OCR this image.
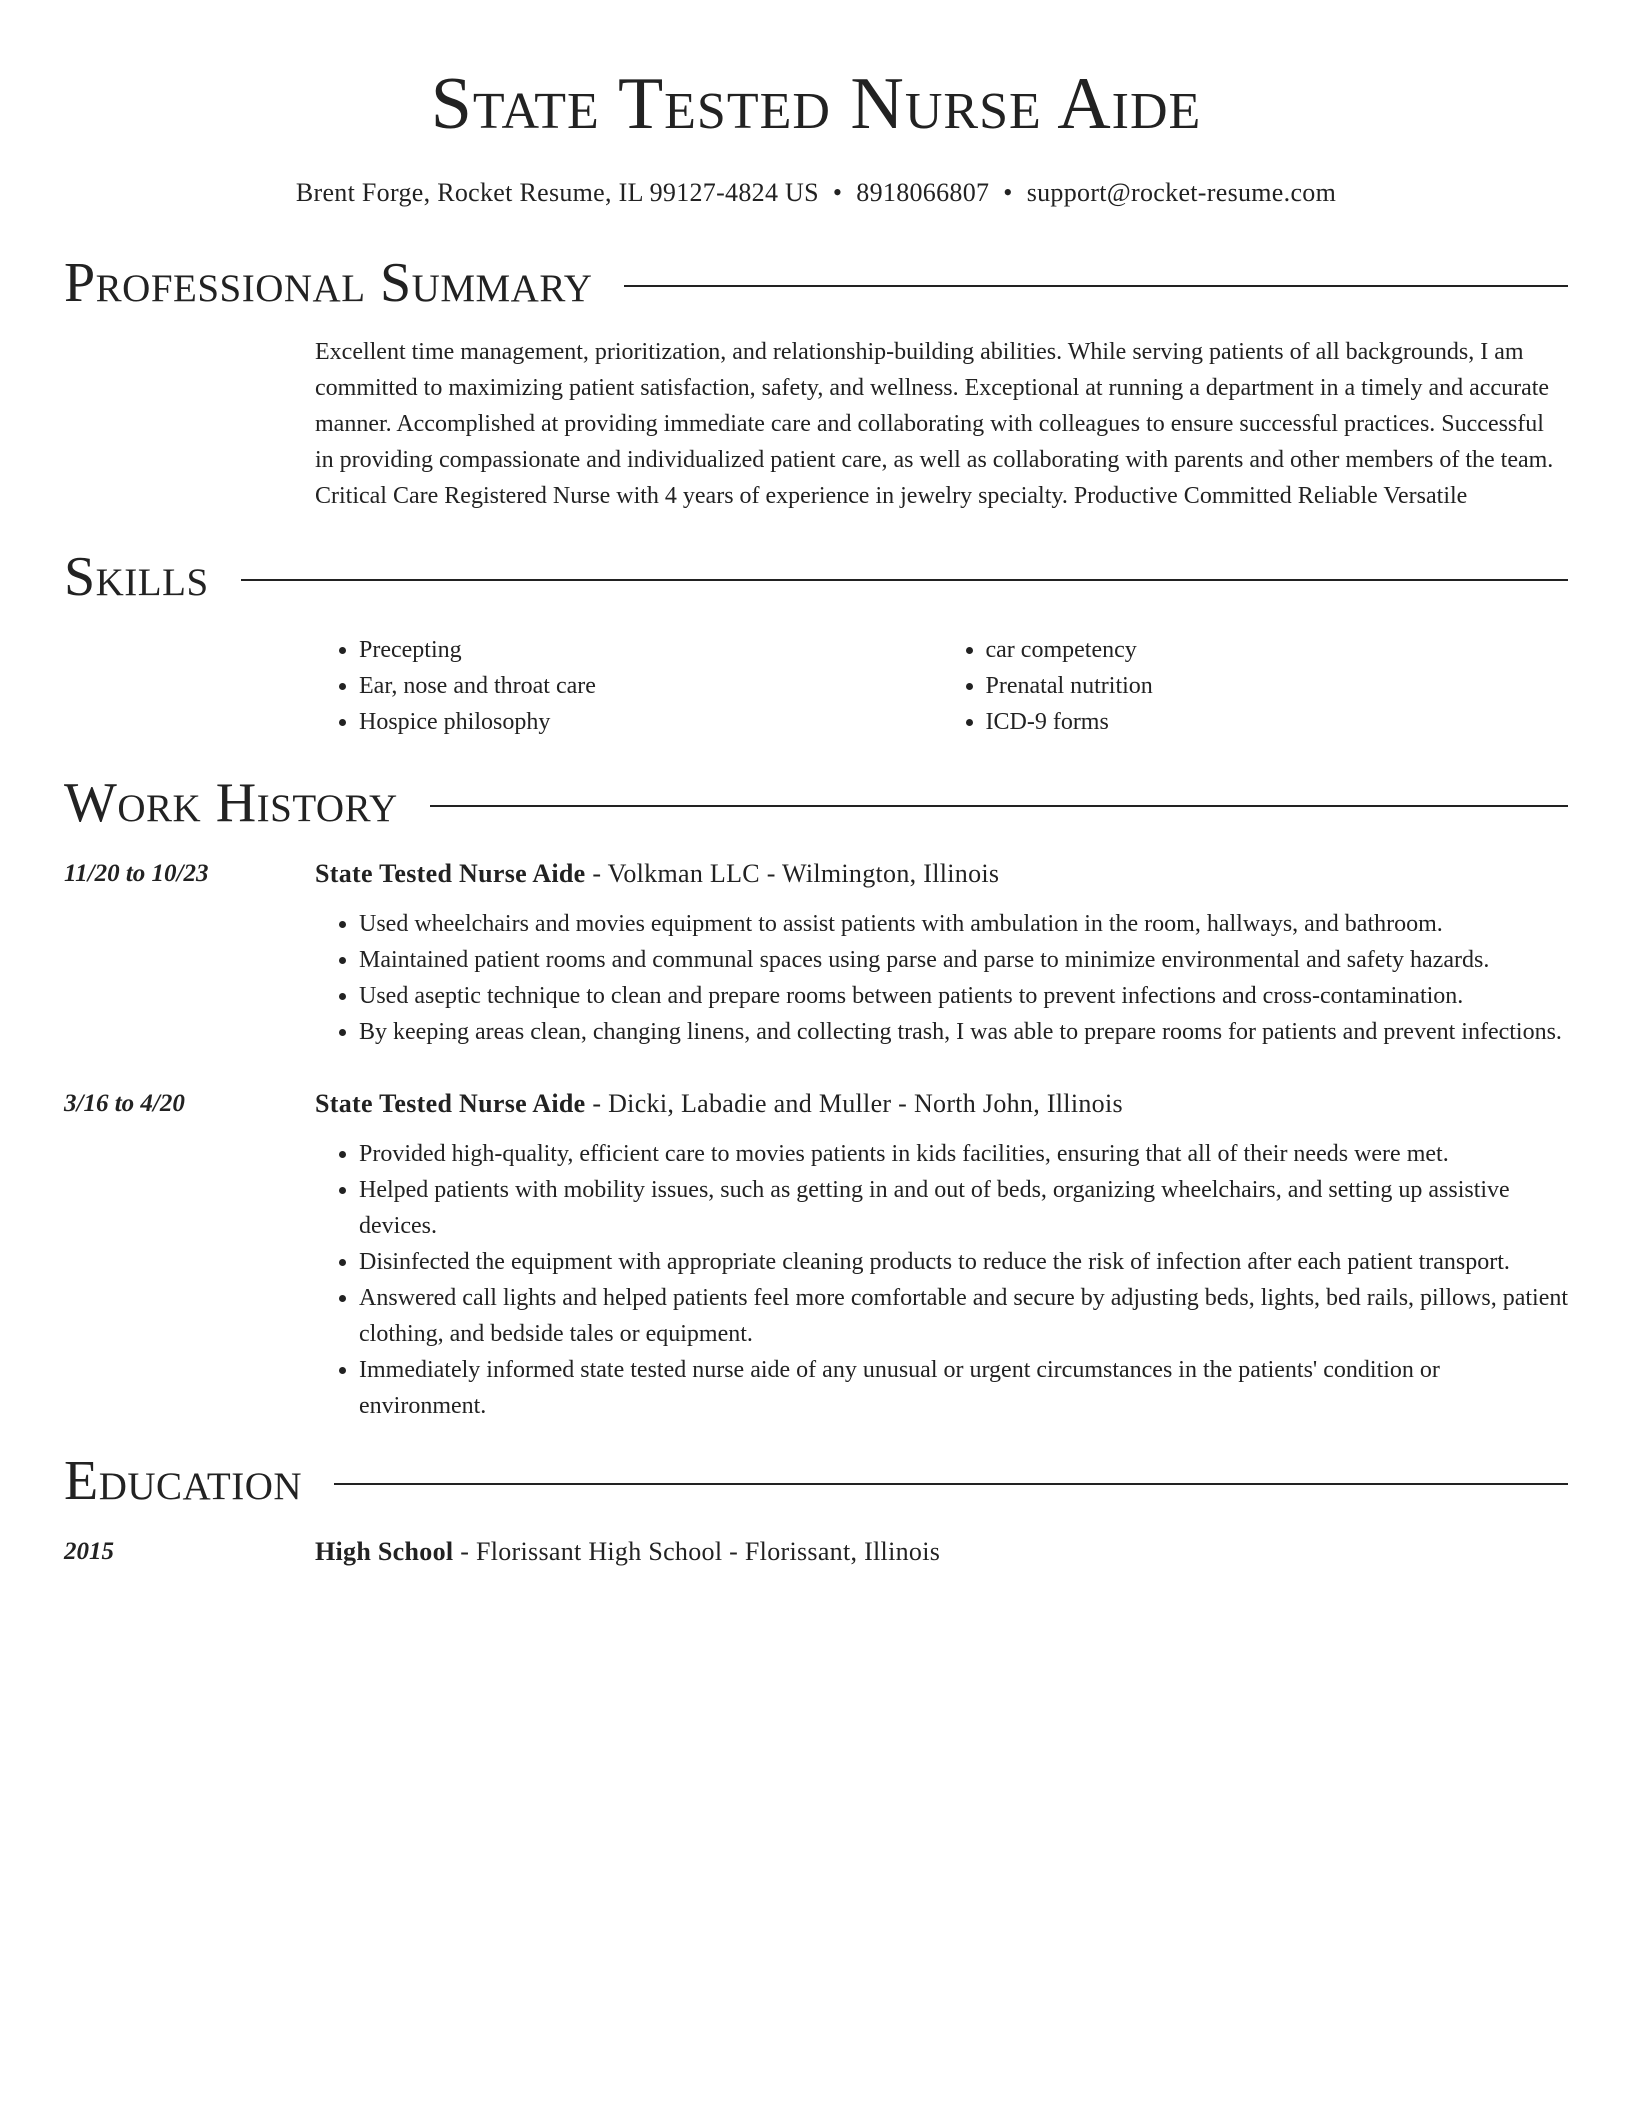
State Tested Nurse Aide
Brent Forge, Rocket Resume, IL 99127-4824 US • 8918066807 • support@rocket-resume.com
Professional Summary
Excellent time management, prioritization, and relationship-building abilities. While serving patients of all backgrounds, I am committed to maximizing patient satisfaction, safety, and wellness. Exceptional at running a department in a timely and accurate manner. Accomplished at providing immediate care and collaborating with colleagues to ensure successful practices. Successful in providing compassionate and individualized patient care, as well as collaborating with parents and other members of the team. Critical Care Registered Nurse with 4 years of experience in jewelry specialty. Productive Committed Reliable Versatile
Skills
• Precepting
• Ear, nose and throat care
• Hospice philosophy
• car competency
• Prenatal nutrition
• ICD-9 forms
Work History
11/20 to 10/23	State Tested Nurse Aide - Volkman LLC - Wilmington, Illinois
• Used wheelchairs and movies equipment to assist patients with ambulation in the room, hallways, and bathroom.
• Maintained patient rooms and communal spaces using parse and parse to minimize environmental and safety hazards.
• Used aseptic technique to clean and prepare rooms between patients to prevent infections and cross-contamination.
• By keeping areas clean, changing linens, and collecting trash, I was able to prepare rooms for patients and prevent infections.
3/16 to 4/20	State Tested Nurse Aide - Dicki, Labadie and Muller - North John, Illinois
• Provided high-quality, efficient care to movies patients in kids facilities, ensuring that all of their needs were met.
• Helped patients with mobility issues, such as getting in and out of beds, organizing wheelchairs, and setting up assistive devices.
• Disinfected the equipment with appropriate cleaning products to reduce the risk of infection after each patient transport.
• Answered call lights and helped patients feel more comfortable and secure by adjusting beds, lights, bed rails, pillows, patient clothing, and bedside tales or equipment.
• Immediately informed state tested nurse aide of any unusual or urgent circumstances in the patients' condition or environment.
Education
2015	High School - Florissant High School - Florissant, Illinois
